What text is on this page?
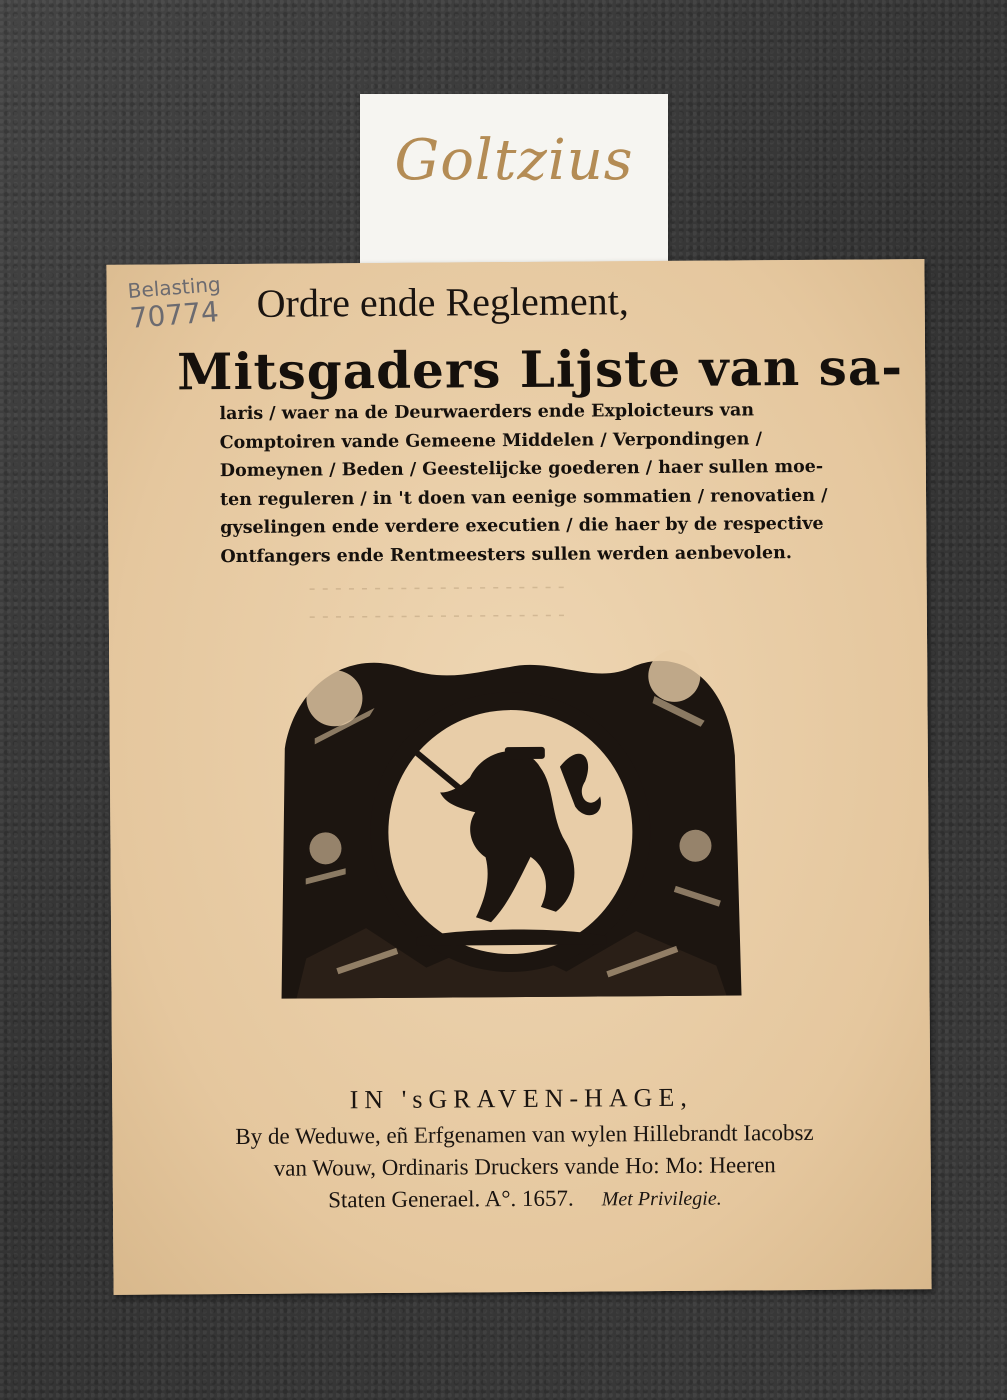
Goltzius
- - - - - - - - - - - - - - - - - - - -
- - - - - - - - - - - - - - - - - - - -
Belasting
70774 Ordre ende Reglement,
Mitsgaders Lijste van sa-
laris / waer na de Deurwaerders ende Exploicteurs van
Comptoiren vande Gemeene Middelen / Verpondingen /
Domeynen / Beden / Geestelijcke goederen / haer sullen moe-
ten reguleren / in 't doen van eenige sommatien / renovatien /
gyselingen ende verdere executien / die haer by de respective
Ontfangers ende Rentmeesters sullen werden aenbevolen.
IN 'sGRAVEN-HAGE,
By de Weduwe, eñ Erfgenamen van wylen Hillebrandt Iacobsz
van Wouw, Ordinaris Druckers vande Ho: Mo: Heeren
Staten Generael. A°. 1657. Met Privilegie.
